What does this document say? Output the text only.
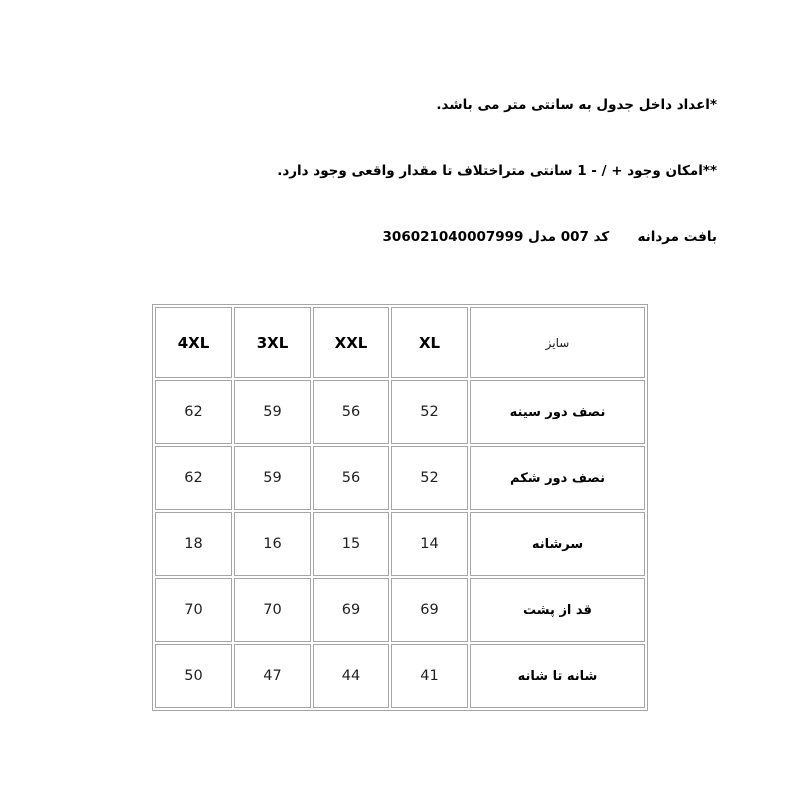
*اعداد داخل جدول به سانتی متر می باشد.

**امکان وجود + / - 1 سانتی متراختلاف تا مقدار واقعی وجود دارد.

بافت مردانه      کد 007 مدل 306021040007999

سایز	XL	XXL	3XL	4XL
نصف دور سینه	52	56	59	62
نصف دور شکم	52	56	59	62
سرشانه	14	15	16	18
قد از پشت	69	69	70	70
شانه تا شانه	41	44	47	50
